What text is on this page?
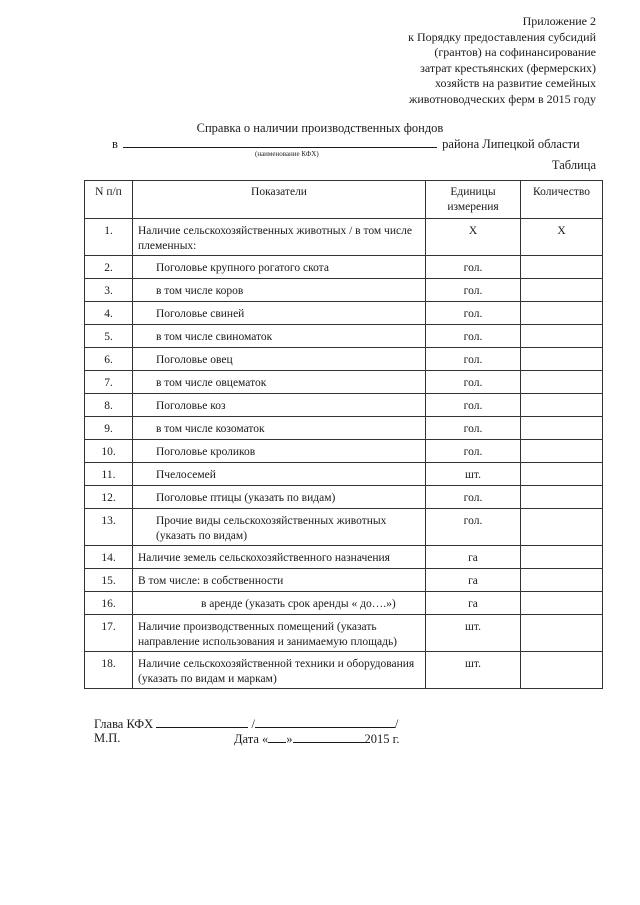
Приложение 2
к Порядку предоставления субсидий
(грантов) на софинансирование
затрат крестьянских (фермерских)
хозяйств на развитие семейных
животноводческих ферм в 2015 году
Справка о наличии производственных фондов
в	района Липецкой области
(наименование КФХ)
Таблица
N п/п	Показатели	Единицы измерения	Количество
1.	Наличие сельскохозяйственных животных / в том числе племенных:	Х	Х
2.	Поголовье крупного рогатого скота	гол.	
3.	в том числе коров	гол.	
4.	Поголовье свиней	гол.	
5.	в том числе свиноматок	гол.	
6.	Поголовье овец	гол.	
7.	в том числе овцематок	гол.	
8.	Поголовье коз	гол.	
9.	в том числе козоматок	гол.	
10.	Поголовье кроликов	гол.	
11.	Пчелосемей	шт.	
12.	Поголовье птицы (указать по видам)	гол.	
13.	Прочие виды сельскохозяйственных животных (указать по видам)	гол.	
14.	Наличие земель сельскохозяйственного назначения	га	
15.	В том числе: в собственности	га	
16.	в аренде (указать срок аренды « до….»)	га	
17.	Наличие производственных помещений (указать направление использования и занимаемую площадь)	шт.	
18.	Наличие сельскохозяйственной техники и оборудования (указать по видам и маркам)	шт.	
Глава КФХ	/	/
М.П.	Дата « »	2015 г.
